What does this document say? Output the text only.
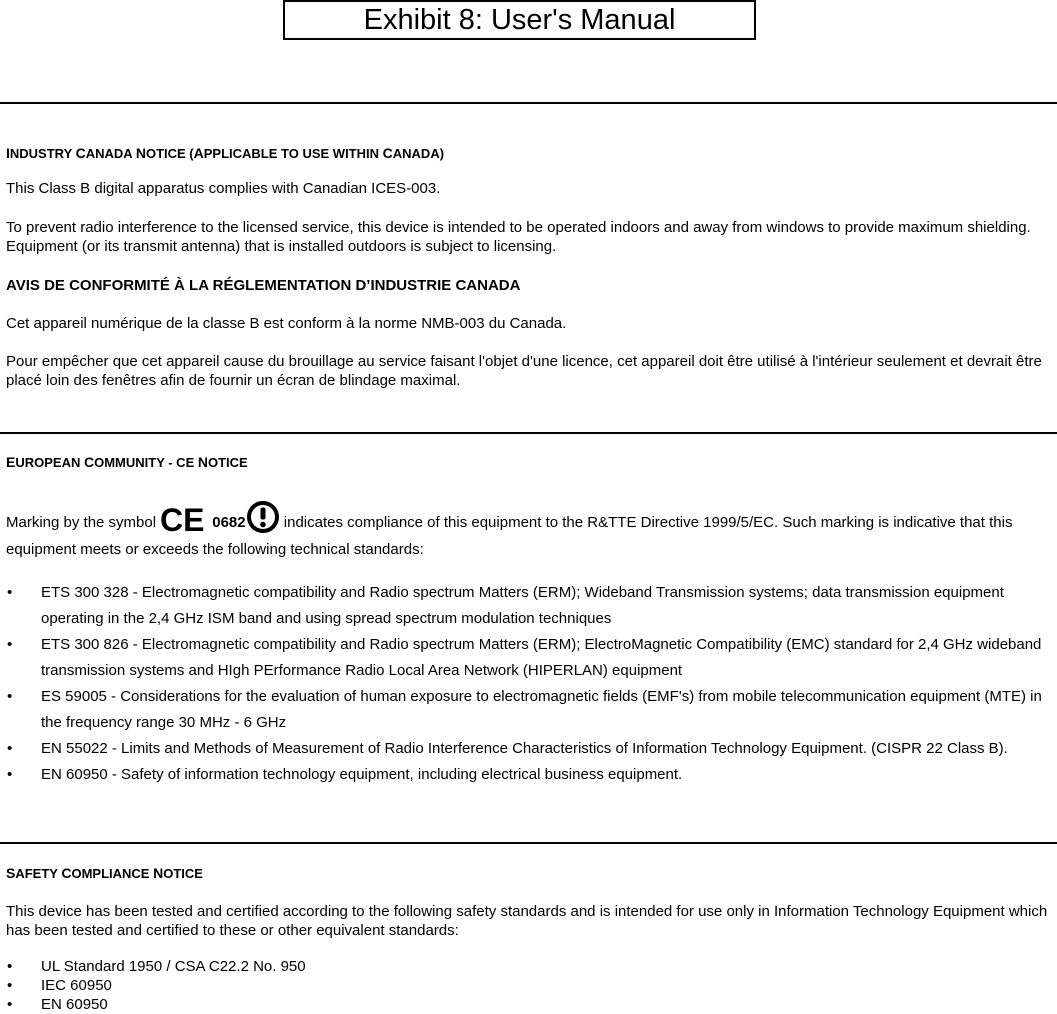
Exhibit 8: User's Manual
INDUSTRY CANADA NOTICE (APPLICABLE TO USE WITHIN CANADA)
This Class B digital apparatus complies with Canadian ICES-003.
To prevent radio interference to the licensed service, this device is intended to be operated indoors and away from windows to provide maximum shielding. Equipment (or its transmit antenna) that is installed outdoors is subject to licensing.
AVIS DE CONFORMITÉ À LA RÉGLEMENTATION D’INDUSTRIE CANADA
Cet appareil numérique de la classe B est conform à la norme NMB-003 du Canada.
Pour empêcher que cet appareil cause du brouillage au service faisant l'objet d'une licence, cet appareil doit être utilisé à l'intérieur seulement et devrait être placé loin des fenêtres afin de fournir un écran de blindage maximal.
EUROPEAN COMMUNITY - CE NOTICE
Marking by the symbol CE 0682 indicates compliance of this equipment to the R&TTE Directive 1999/5/EC. Such marking is indicative that this equipment meets or exceeds the following technical standards:
• ETS 300 328 - Electromagnetic compatibility and Radio spectrum Matters (ERM); Wideband Transmission systems; data transmission equipment operating in the 2,4 GHz ISM band and using spread spectrum modulation techniques
• ETS 300 826 - Electromagnetic compatibility and Radio spectrum Matters (ERM); ElectroMagnetic Compatibility (EMC) standard for 2,4 GHz wideband transmission systems and HIgh PErformance Radio Local Area Network (HIPERLAN) equipment
• ES 59005 - Considerations for the evaluation of human exposure to electromagnetic fields (EMF's) from mobile telecommunication equipment (MTE) in the frequency range 30 MHz - 6 GHz
• EN 55022 - Limits and Methods of Measurement of Radio Interference Characteristics of Information Technology Equipment. (CISPR 22 Class B).
• EN 60950 - Safety of information technology equipment, including electrical business equipment.
SAFETY COMPLIANCE NOTICE
This device has been tested and certified according to the following safety standards and is intended for use only in Information Technology Equipment which has been tested and certified to these or other equivalent standards:
• UL Standard 1950 / CSA C22.2 No. 950
• IEC 60950
• EN 60950
